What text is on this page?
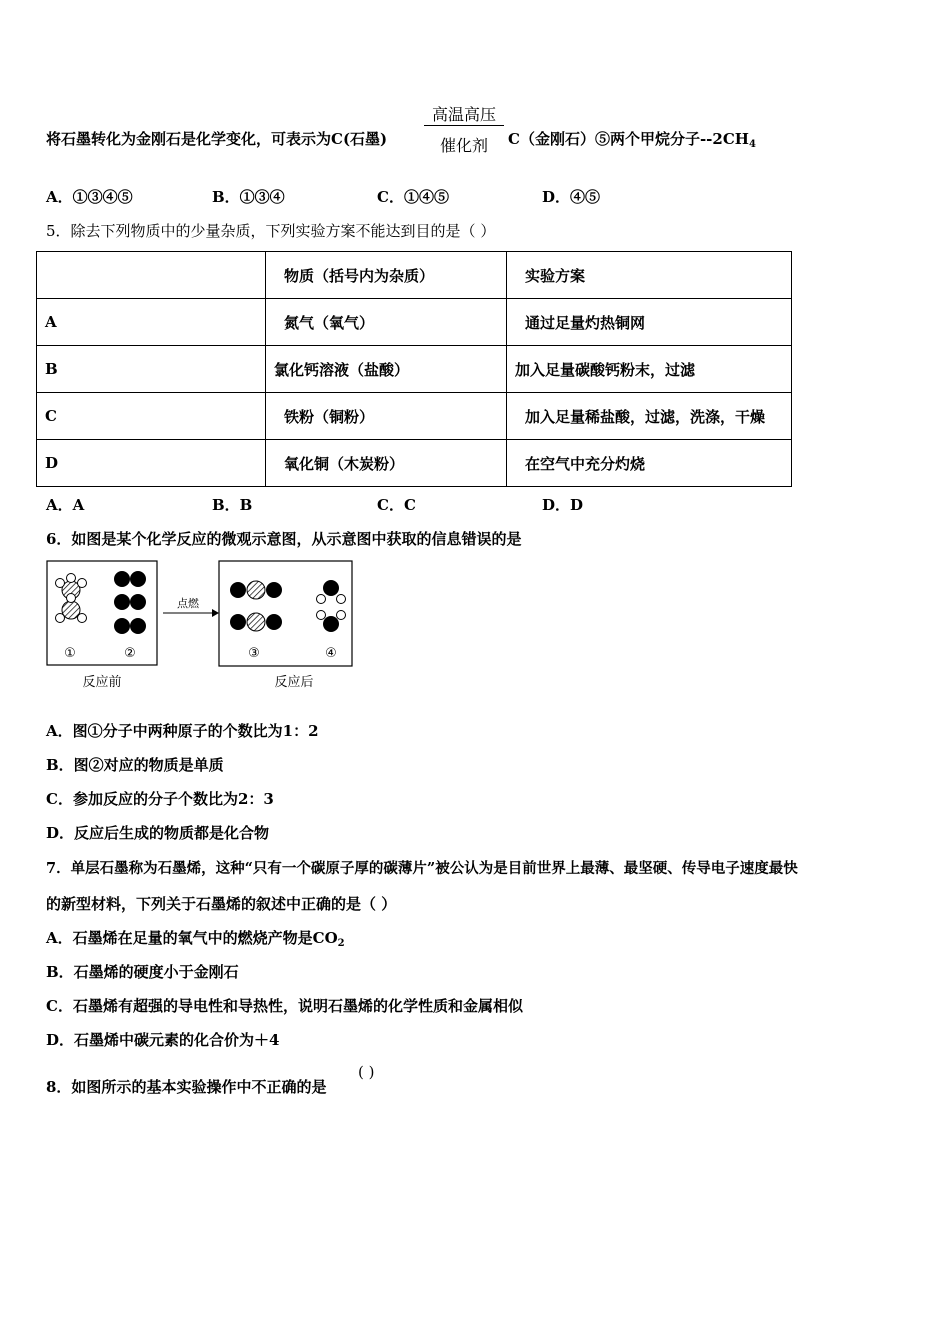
将石墨转化为金刚石是化学变化，可表示为C(石墨)
高温高压
催化剂	C（金刚石）⑤两个甲烷分子$--2CH_4$
A．①③④⑤	B．①③④	C．①④⑤	D．④⑤
5．除去下列物质中的少量杂质，下列实验方案不能达到目的是（ ）
	物质（括号内为杂质）	实验方案
A	氮气（氧气）	通过足量灼热铜网
B	氯化钙溶液（盐酸）	加入足量碳酸钙粉末，过滤
C	铁粉（铜粉）	加入足量稀盐酸，过滤，洗涤，干燥
D	氧化铜（木炭粉）	在空气中充分灼烧
A．A	B．B	C．C	D．D
6．如图是某个化学反应的微观示意图，从示意图中获取的信息错误的是
①	②
反应前
点燃
③	④
反应后
A．图①分子中两种原子的个数比为1：2
B．图②对应的物质是单质
C．参加反应的分子个数比为2：3
D．反应后生成的物质都是化合物
7．单层石墨称为石墨烯，这种“只有一个碳原子厚的碳薄片”被公认为是目前世界上最薄、最坚硬、传导电子速度最快
的新型材料，下列关于石墨烯的叙述中正确的是（ ）
A．石墨烯在足量的氧气中的燃烧产物是$CO_2$
B．石墨烯的硬度小于金刚石
C．石墨烯有超强的导电性和导热性，说明石墨烯的化学性质和金属相似
D．石墨烯中碳元素的化合价为＋4
8．如图所示的基本实验操作中不正确的是
( )
